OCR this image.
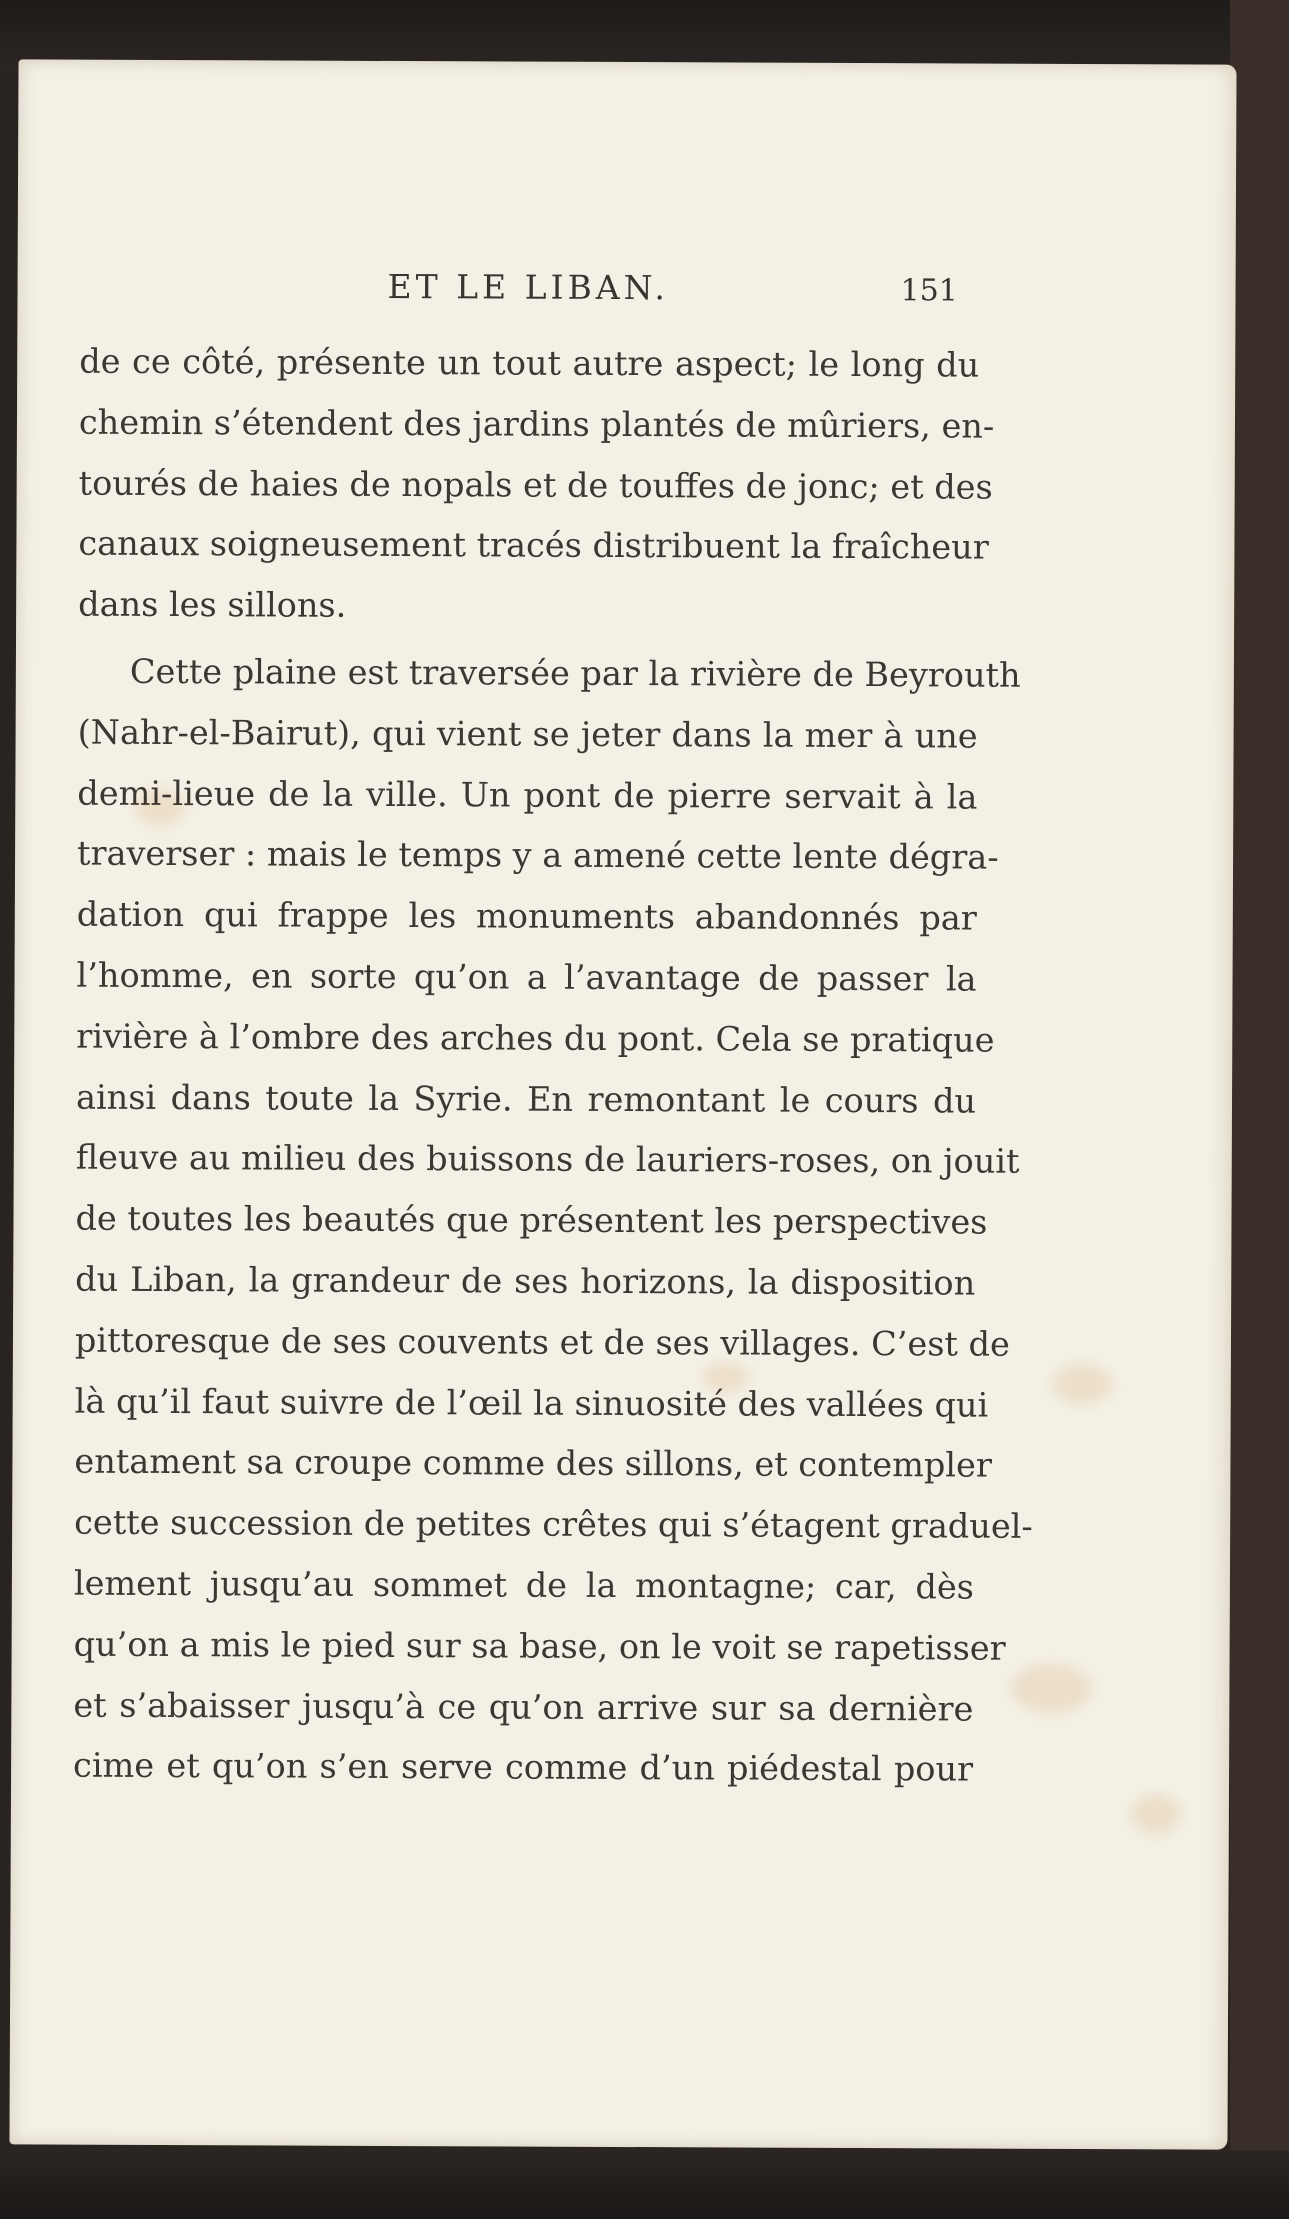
ET LE LIBAN.	151
de ce côté, présente un tout autre aspect; le long du
chemin s’étendent des jardins plantés de mûriers, en-
tourés de haies de nopals et de touffes de jonc; et des
canaux soigneusement tracés distribuent la fraîcheur
dans les sillons.
Cette plaine est traversée par la rivière de Beyrouth
(Nahr-el-Bairut), qui vient se jeter dans la mer à une
demi-lieue de la ville. Un pont de pierre servait à la
traverser : mais le temps y a amené cette lente dégra-
dation qui frappe les monuments abandonnés par
l’homme, en sorte qu’on a l’avantage de passer la
rivière à l’ombre des arches du pont. Cela se pratique
ainsi dans toute la Syrie. En remontant le cours du
fleuve au milieu des buissons de lauriers-roses, on jouit
de toutes les beautés que présentent les perspectives
du Liban, la grandeur de ses horizons, la disposition
pittoresque de ses couvents et de ses villages. C’est de
là qu’il faut suivre de l’œil la sinuosité des vallées qui
entament sa croupe comme des sillons, et contempler
cette succession de petites crêtes qui s’étagent graduel-
lement jusqu’au sommet de la montagne; car, dès
qu’on a mis le pied sur sa base, on le voit se rapetisser
et s’abaisser jusqu’à ce qu’on arrive sur sa dernière
cime et qu’on s’en serve comme d’un piédestal pour
